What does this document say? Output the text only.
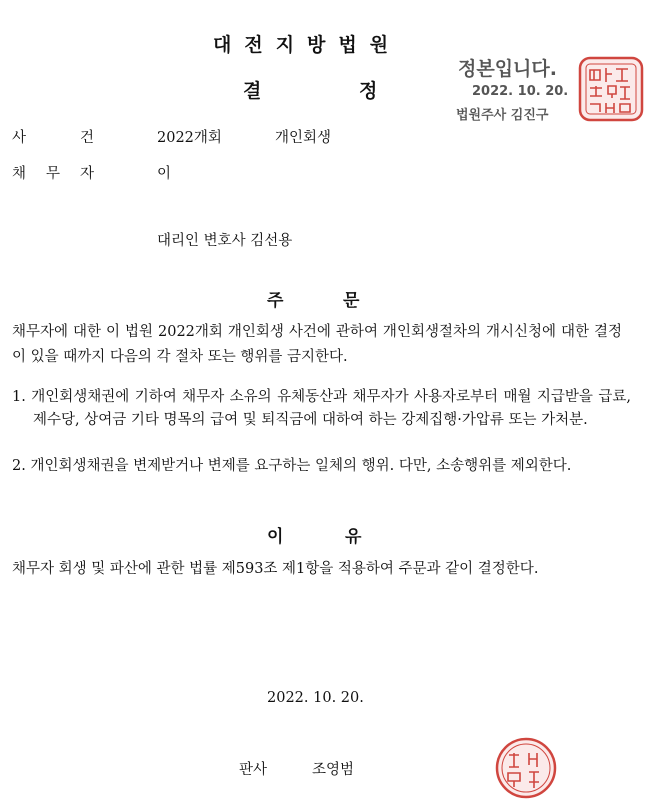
대전지방법원
결	정
정본입니다.
2022. 10. 20.
법원주사 김진구
사	건	2022개회	개인회생
채 무 자	이
대리인 변호사 김선용
주	문
채무자에 대한 이 법원 2022개회 개인회생 사건에 관하여 개인회생절차의 개시신청에 대한 결정이 있을 때까지 다음의 각 절차 또는 행위를 금지한다.
1. 개인회생채권에 기하여 채무자 소유의 유체동산과 채무자가 사용자로부터 매월 지급받을 급료, 제수당, 상여금 기타 명목의 급여 및 퇴직금에 대하여 하는 강제집행·가압류 또는 가처분.
2. 개인회생채권을 변제받거나 변제를 요구하는 일체의 행위. 다만, 소송행위를 제외한다.
이	유
채무자 회생 및 파산에 관한 법률 제593조 제1항을 적용하여 주문과 같이 결정한다.
2022. 10. 20.
판사	조영범
